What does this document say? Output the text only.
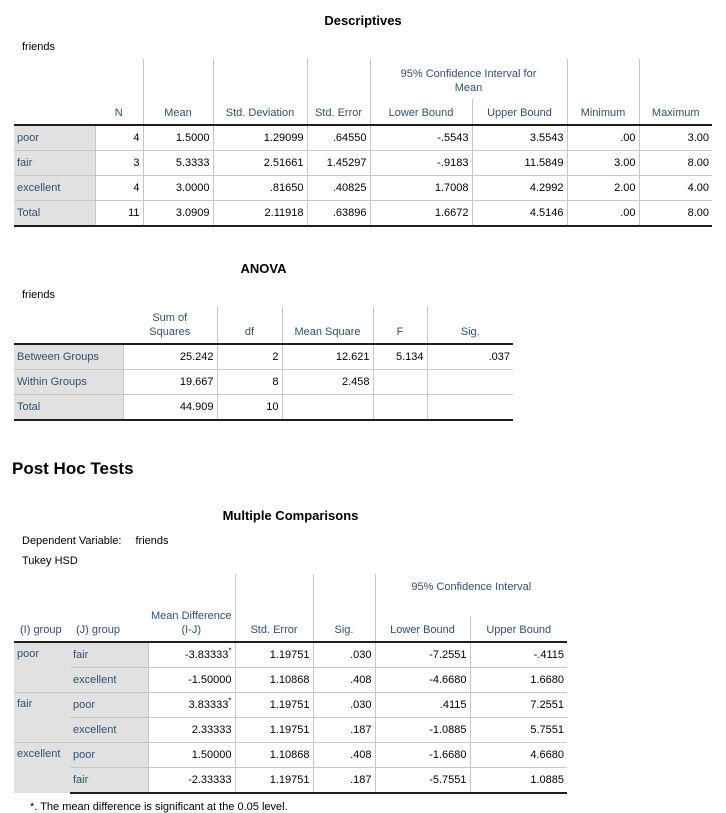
Descriptives
friends
	N	Mean	Std. Deviation	Std. Error	95% Confidence Interval for Mean		Minimum	Maximum
					Lower Bound	Upper Bound		
poor	4	1.5000	1.29099	.64550	-.5543	3.5543	.00	3.00
fair	3	5.3333	2.51661	1.45297	-.9183	11.5849	3.00	8.00
excellent	4	3.0000	.81650	.40825	1.7008	4.2992	2.00	4.00
Total	11	3.0909	2.11918	.63896	1.6672	4.5146	.00	8.00
ANOVA
friends
	Sum of Squares	df	Mean Square	F	Sig.
Between Groups	25.242	2	12.621	5.134	.037
Within Groups	19.667	8	2.458		
Total	44.909	10			
Post Hoc Tests
Multiple Comparisons
Dependent Variable: friends
Tukey HSD
(I) group	(J) group	Mean Difference (I-J)	Std. Error	Sig.	95% Confidence Interval	
					Lower Bound	Upper Bound
poor	fair	-3.83333*	1.19751	.030	-7.2551	-.4115
	excellent	-1.50000	1.10868	.408	-4.6680	1.6680
fair	poor	3.83333*	1.19751	.030	.4115	7.2551
	excellent	2.33333	1.19751	.187	-1.0885	5.7551
excellent	poor	1.50000	1.10868	.408	-1.6680	4.6680
	fair	-2.33333	1.19751	.187	-5.7551	1.0885
*. The mean difference is significant at the 0.05 level.
